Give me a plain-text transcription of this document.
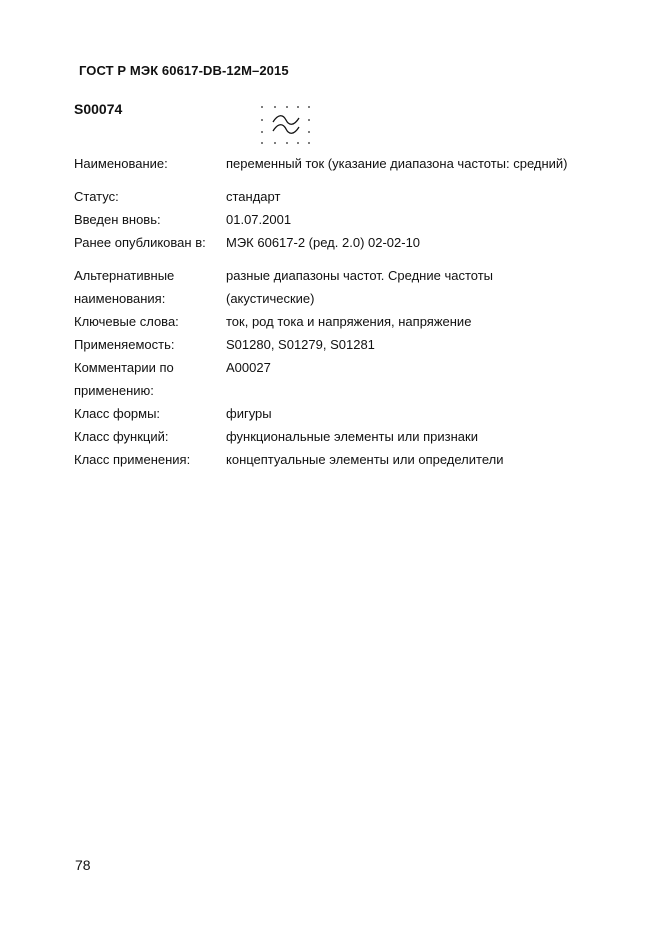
ГОСТ Р МЭК 60617-DB-12M–2015
S00074
Наименование:	переменный ток (указание диапазона частоты: средний)
Статус:	стандарт
Введен вновь:	01.07.2001
Ранее опубликован в: МЭК 60617-2 (ред. 2.0) 02-02-10
Альтернативные	разные диапазоны частот. Средние частоты
наименования:	(акустические)
Ключевые слова:	ток, род тока и напряжения, напряжение
Применяемость:	S01280, S01279, S01281
Комментарии по	A00027
применению:
Класс формы:	фигуры
Класс функций:	функциональные элементы или признаки
Класс применения:	концептуальные элементы или определители
78
